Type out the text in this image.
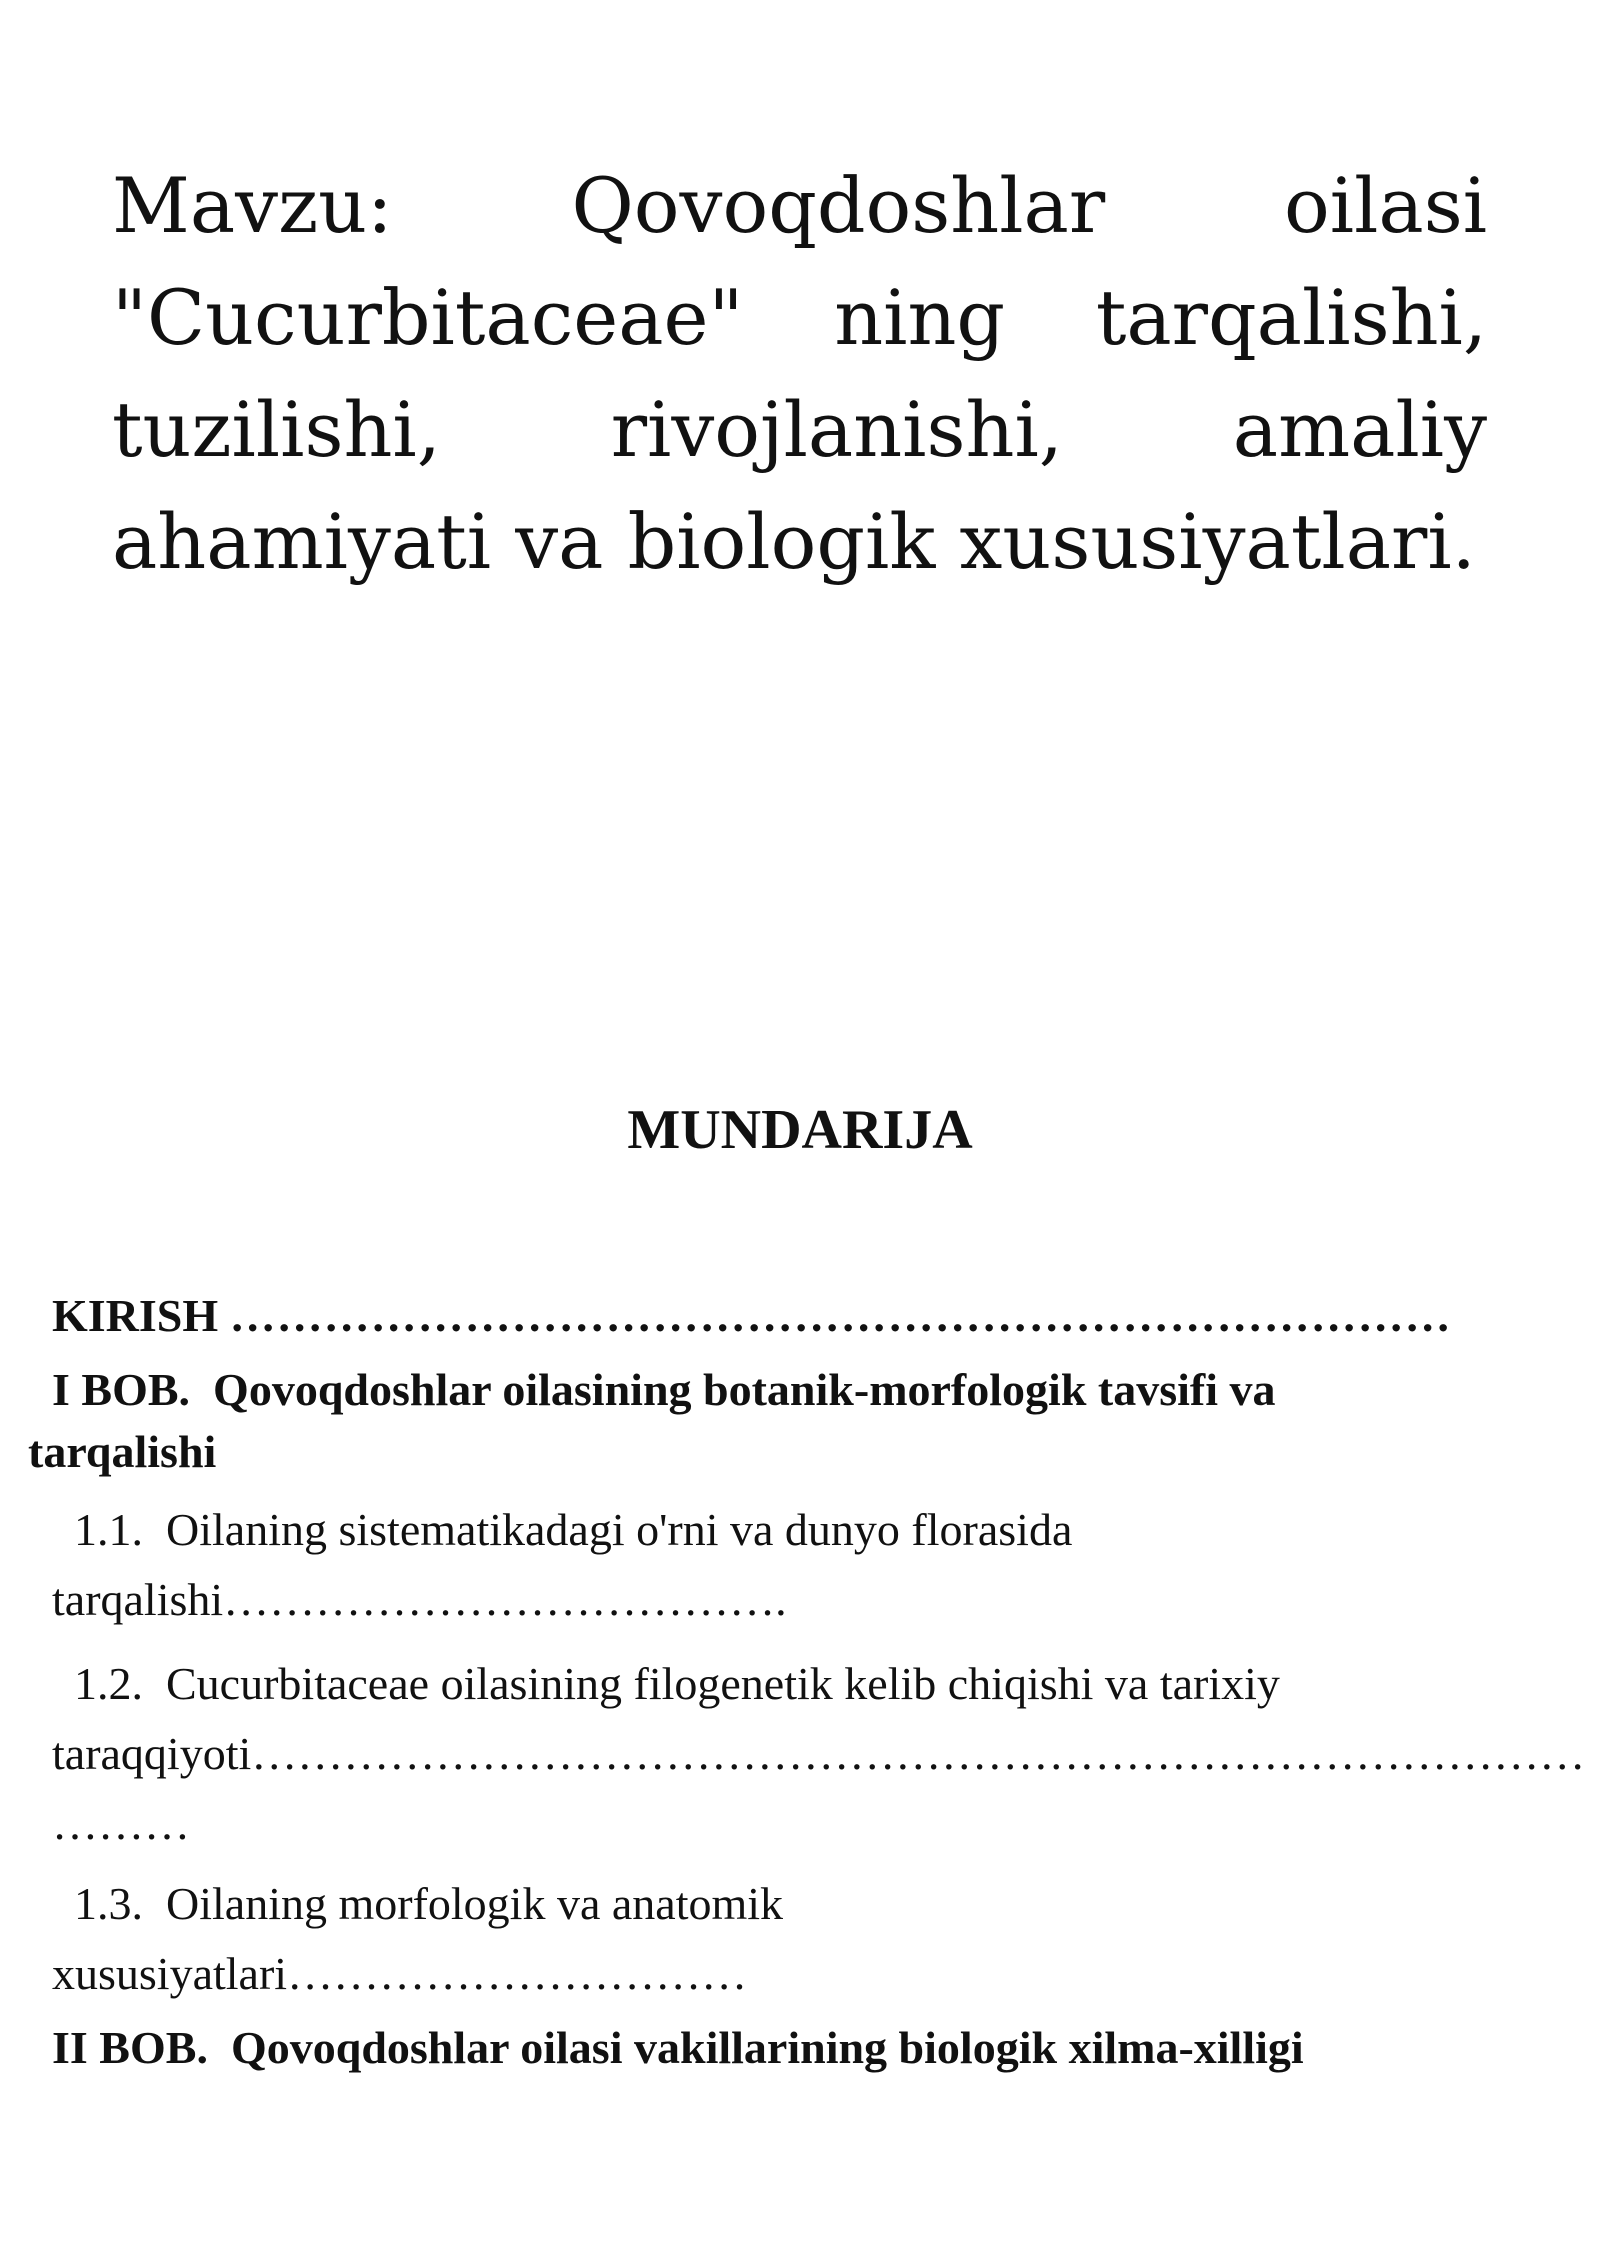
Mavzu: Qovoqdoshlar oilasi "Cucurbitaceae" ning tarqalishi, tuzilishi, rivojlanishi, amaliy ahamiyati va biologik xususiyatlari.
MUNDARIJA
KIRISH ……………………………………………………………………
I BOB. Qovoqdoshlar oilasining botanik-morfologik tavsifi va
tarqalishi
1.1. Oilaning sistematikadagi o'rni va dunyo florasida
tarqalishi……………………………….
1.2. Cucurbitaceae oilasining filogenetik kelib chiqishi va tarixiy
taraqqiyoti……………………………………………………………………………
………
1.3. Oilaning morfologik va anatomik
xususiyatlari…………………………
II BOB. Qovoqdoshlar oilasi vakillarining biologik xilma-xilligi
